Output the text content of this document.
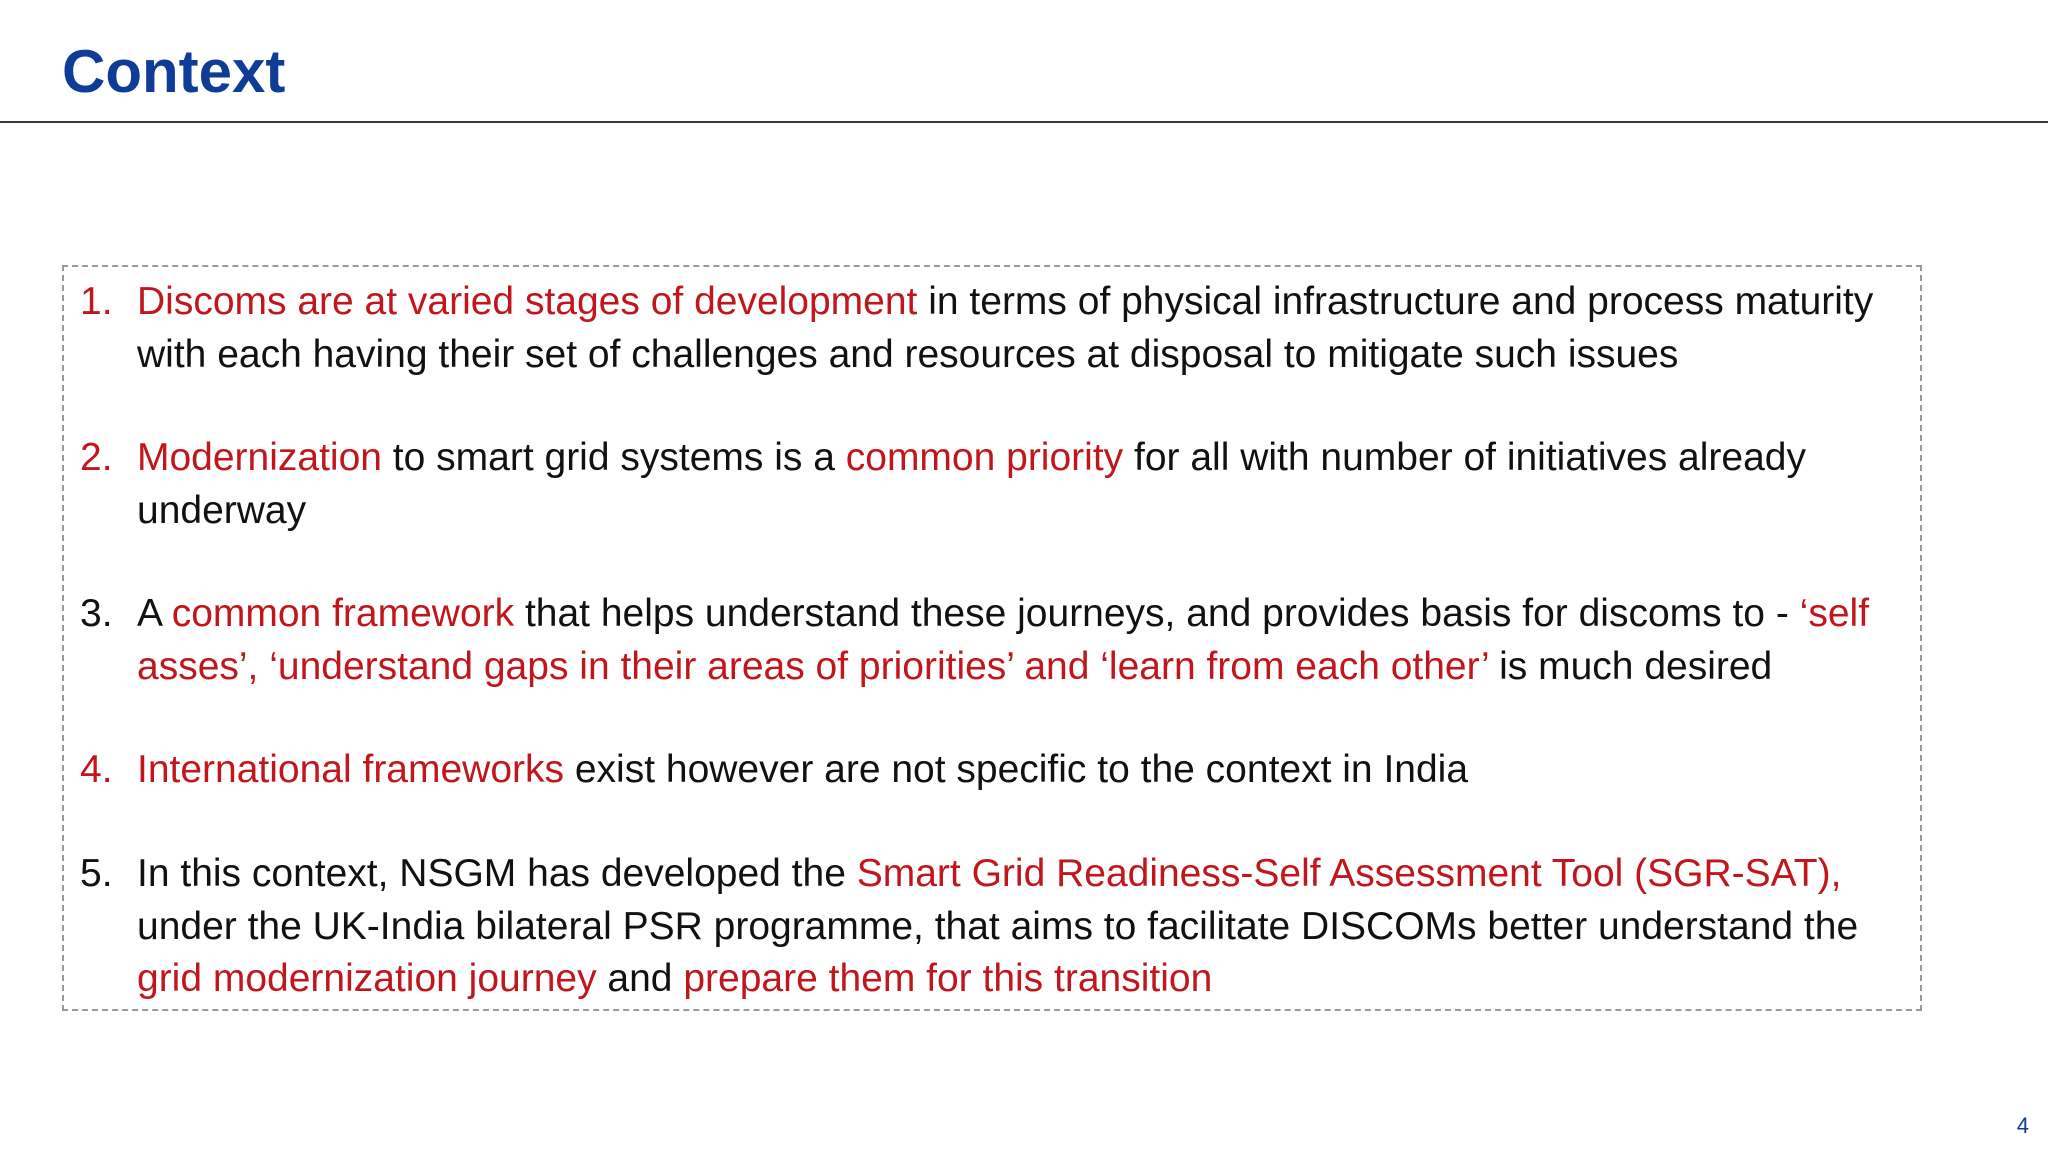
Context
1. Discoms are at varied stages of development in terms of physical infrastructure and process maturity with each having their set of challenges and resources at disposal to mitigate such issues
2. Modernization to smart grid systems is a common priority for all with number of initiatives already underway
3. A common framework that helps understand these journeys, and provides basis for discoms to - ‘self asses’, ‘understand gaps in their areas of priorities’ and ‘learn from each other’ is much desired
4. International frameworks exist however are not specific to the context in India
5. In this context, NSGM has developed the Smart Grid Readiness-Self Assessment Tool (SGR-SAT), under the UK-India bilateral PSR programme, that aims to facilitate DISCOMs better understand the grid modernization journey and prepare them for this transition
4
